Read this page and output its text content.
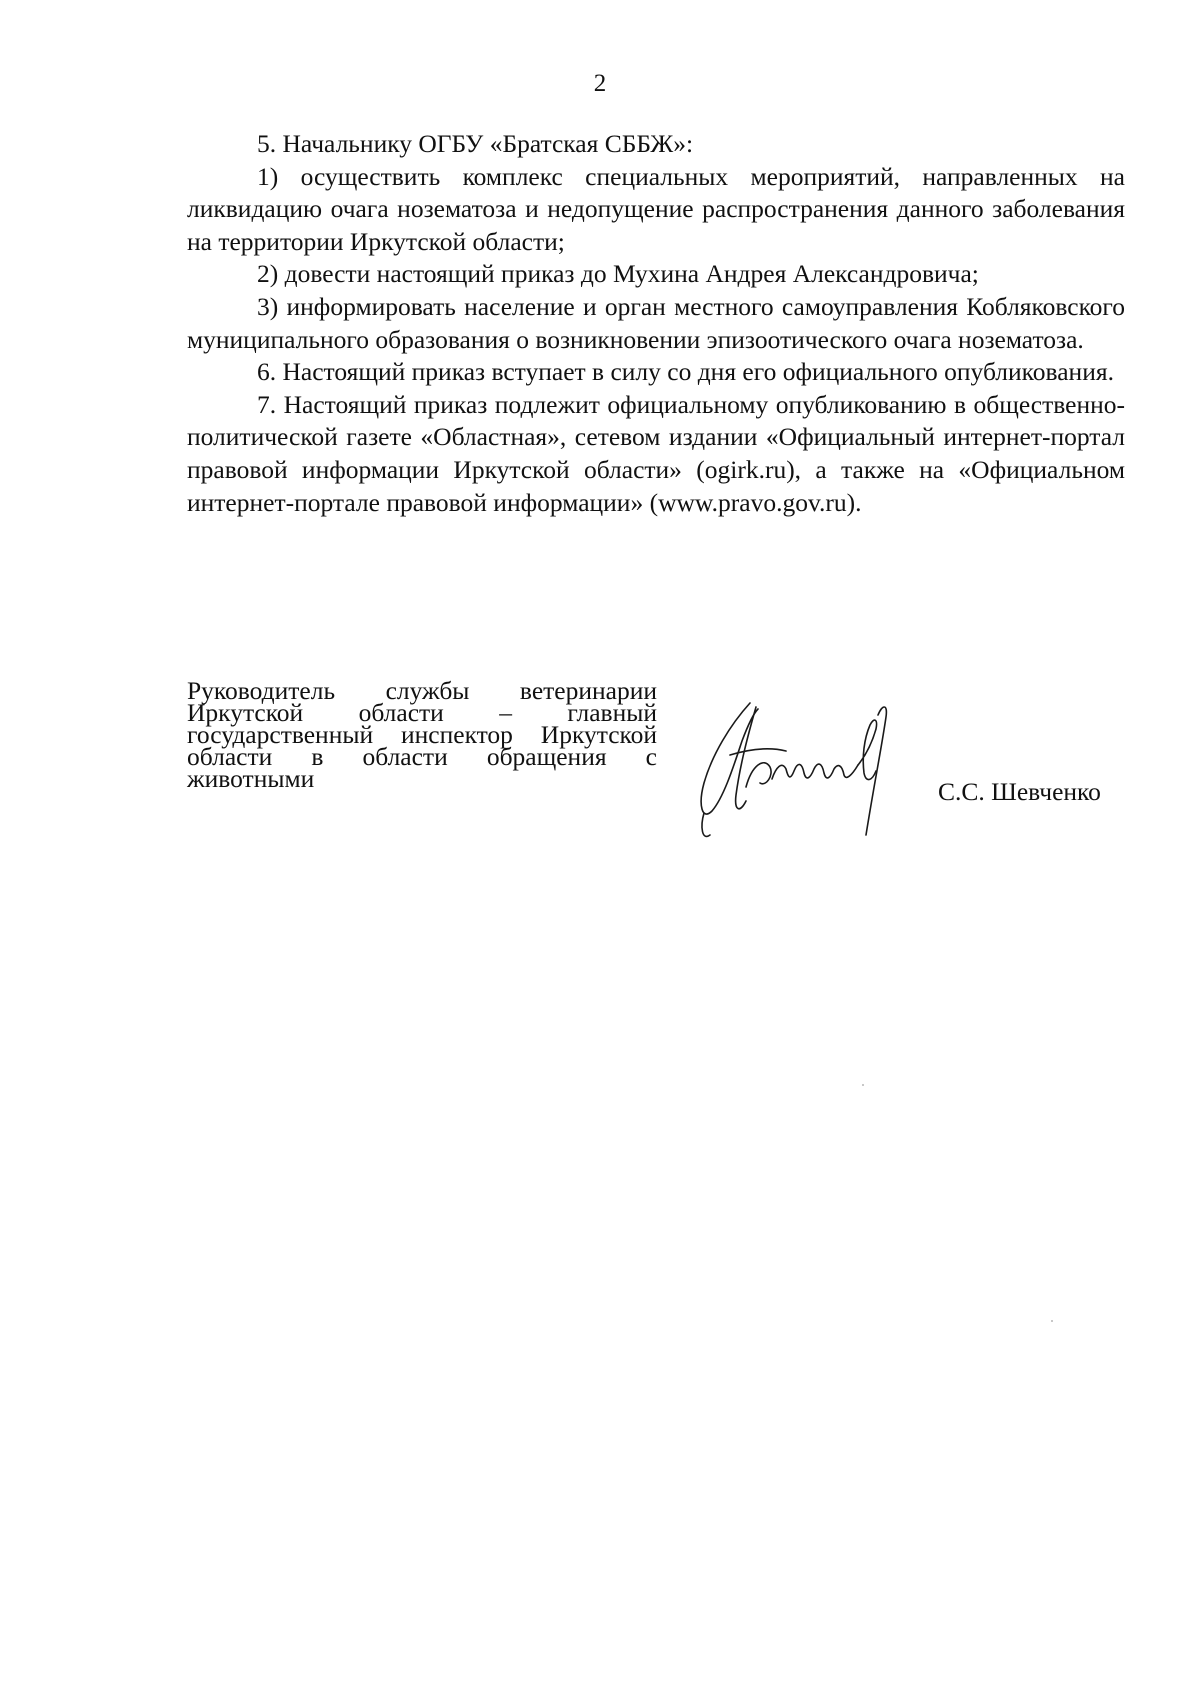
2

5. Начальнику ОГБУ «Братская СББЖ»:

1) осуществить комплекс специальных мероприятий, направленных на ликвидацию очага нозематоза и недопущение распространения данного заболевания на территории Иркутской области;

2) довести настоящий приказ до Мухина Андрея Александровича;

3) информировать население и орган местного самоуправления Кобляковского муниципального образования о возникновении эпизоотического очага нозематоза.

6. Настоящий приказ вступает в силу со дня его официального опубликования.

7. Настоящий приказ подлежит официальному опубликованию в общественно-политической газете «Областная», сетевом издании «Официальный интернет-портал правовой информации Иркутской области» (ogirk.ru), а также на «Официальном интернет-портале правовой информации» (www.pravo.gov.ru).

Руководитель службы ветеринарии Иркутской области – главный государственный инспектор Иркутской области в области обращения с животными	С.С. Шевченко
